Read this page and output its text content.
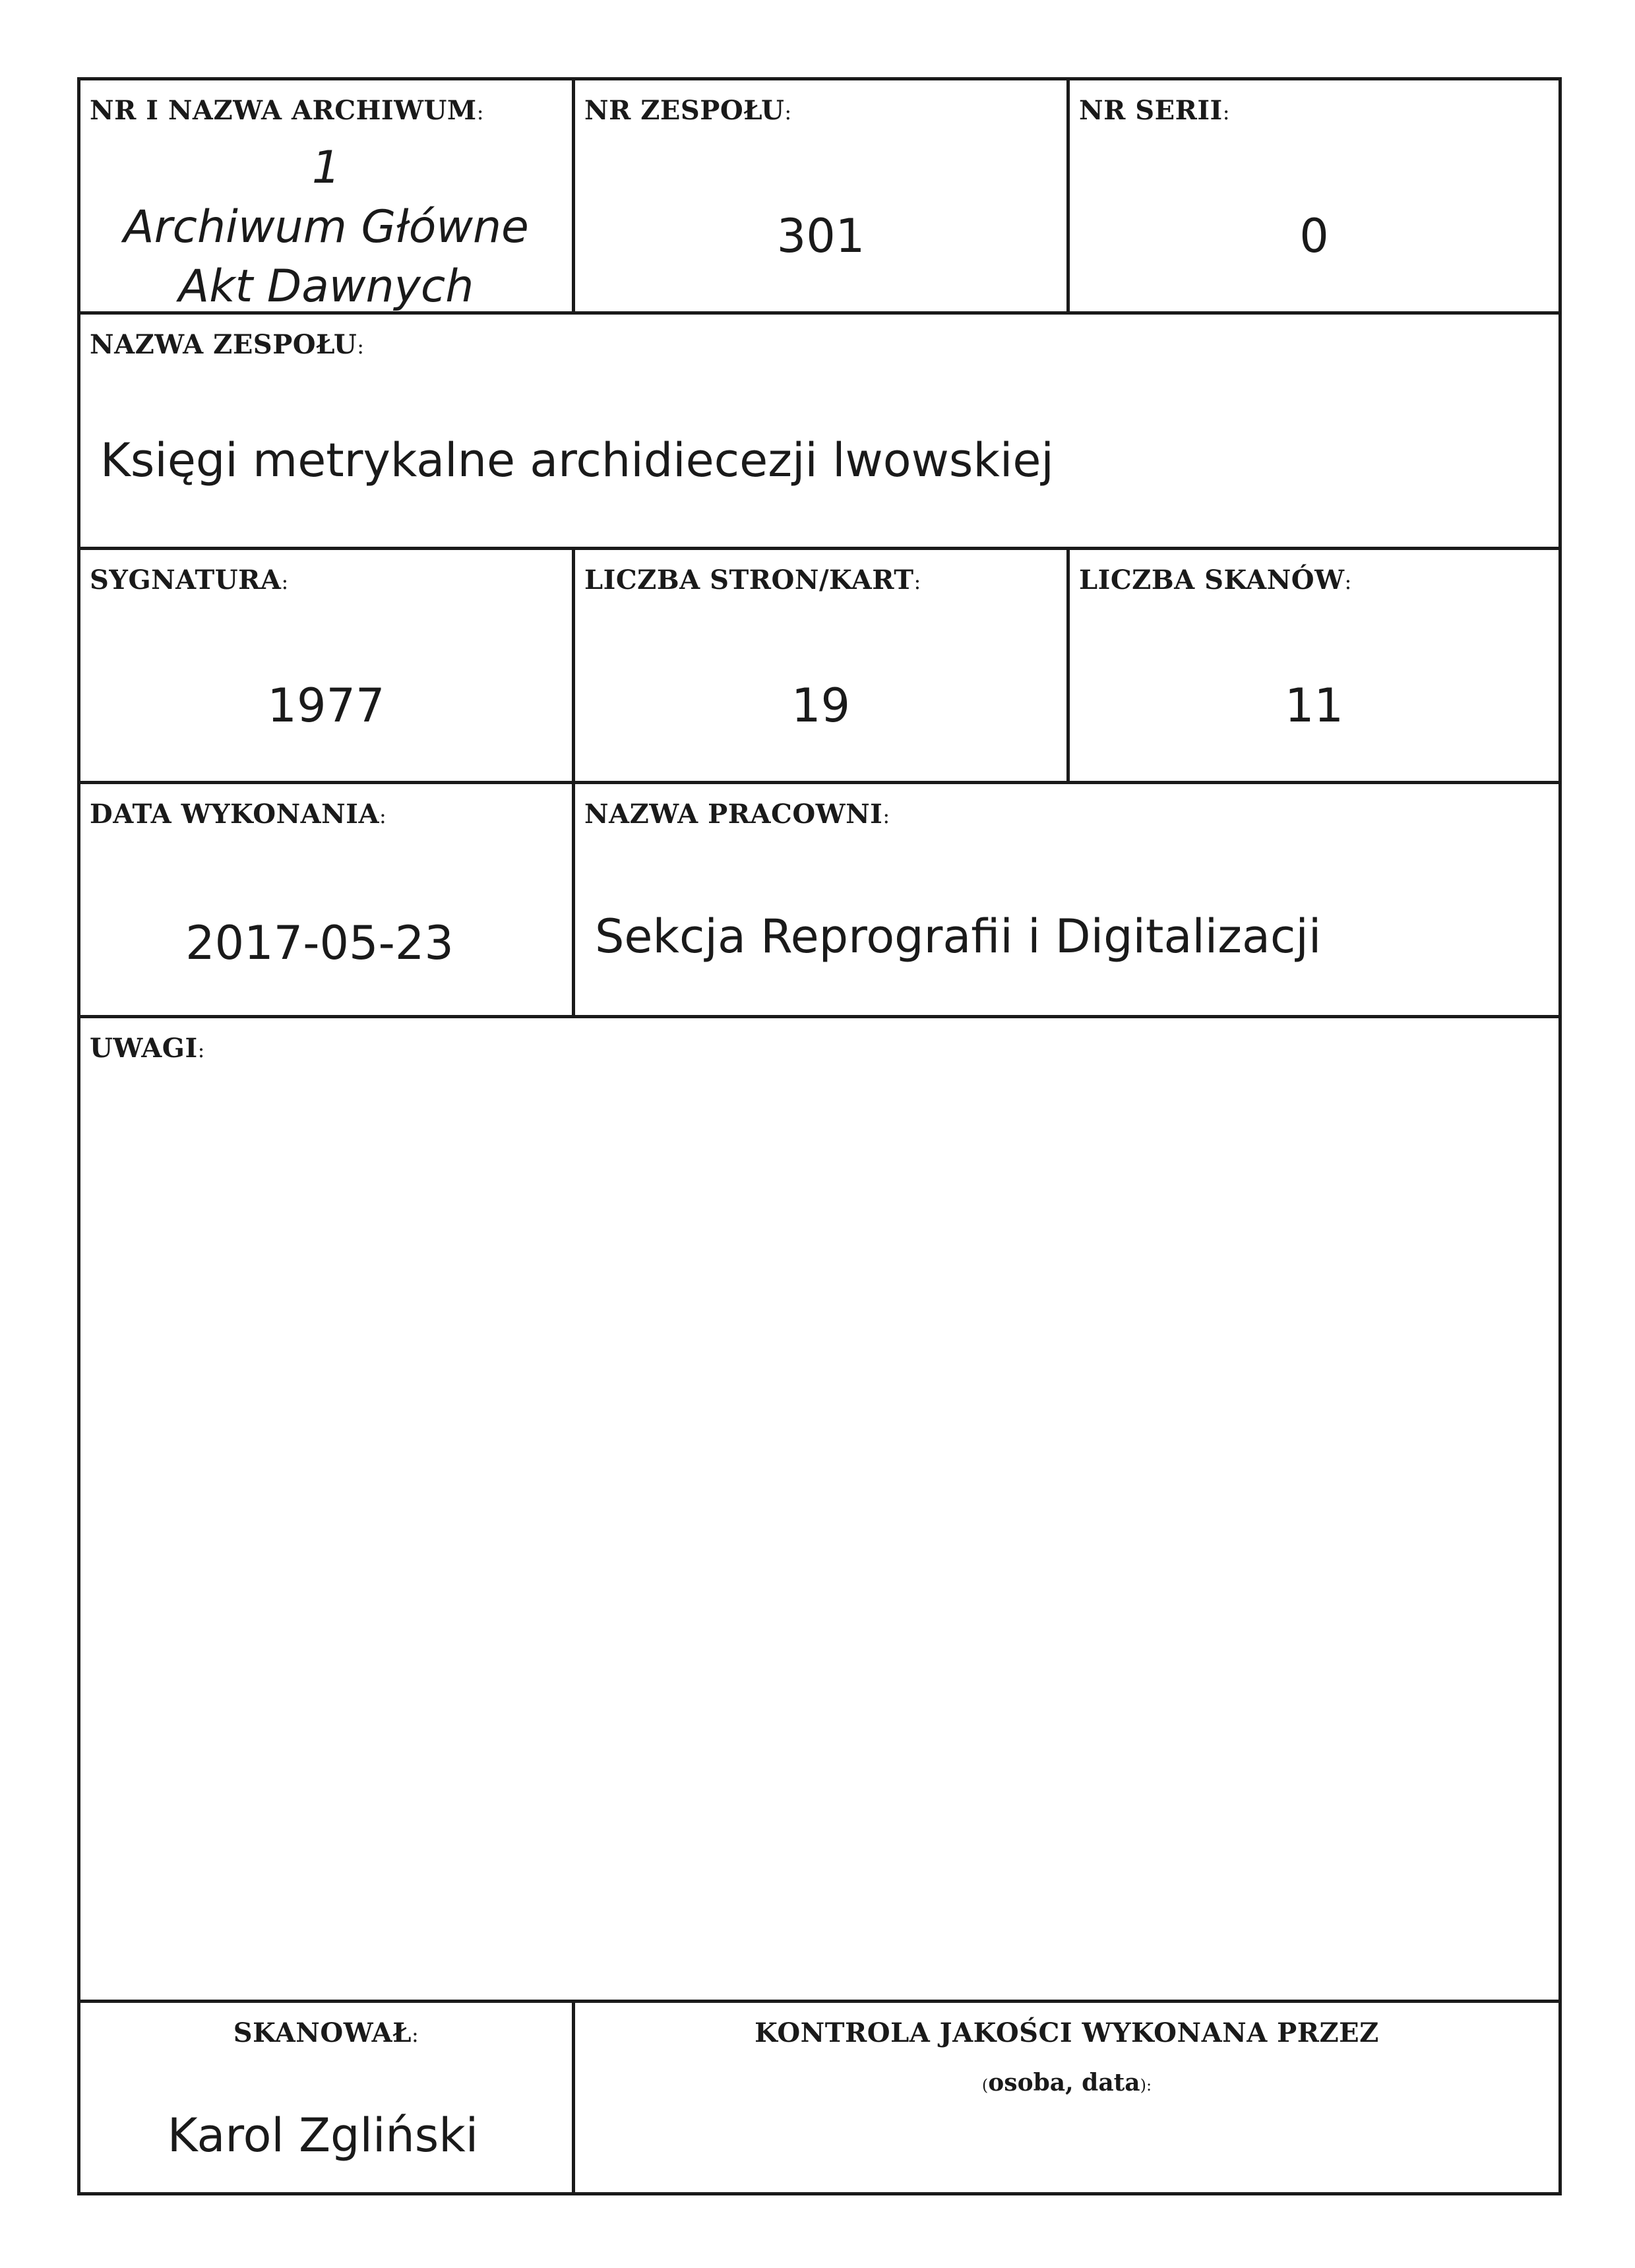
NR I NAZWA ARCHIWUM:
1
Archiwum Główne
Akt Dawnych
NR ZESPOŁU:
301
NR SERII:
0
NAZWA ZESPOŁU:
Księgi metrykalne archidiecezji lwowskiej
SYGNATURA:
1977
LICZBA STRON/KART:
19
LICZBA SKANÓW:
11
DATA WYKONANIA:
2017-05-23
NAZWA PRACOWNI:
Sekcja Reprografii i Digitalizacji
UWAGI:
SKANOWAŁ:
Karol Zgliński
KONTROLA JAKOŚCI WYKONANA PRZEZ
(osoba, data):
